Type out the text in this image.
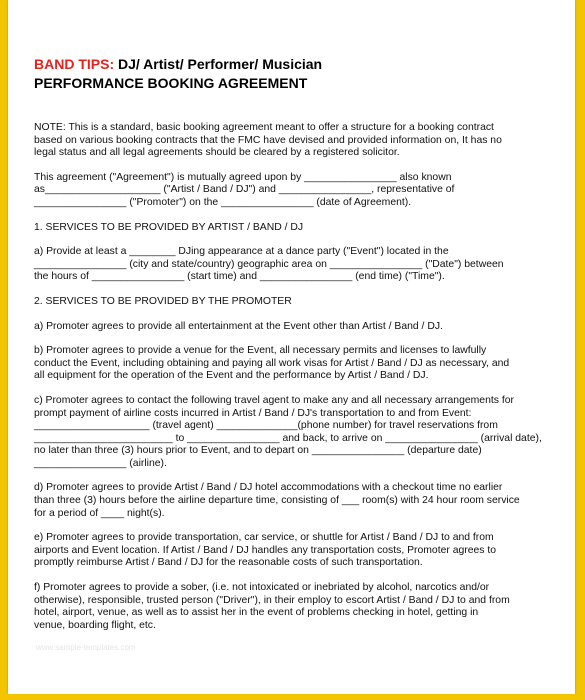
BAND TIPS: DJ/ Artist/ Performer/ Musician
PERFORMANCE BOOKING AGREEMENT
NOTE: This is a standard, basic booking agreement meant to offer a structure for a booking contract
based on various booking contracts that the FMC have devised and provided information on, It has no
legal status and all legal agreements should be cleared by a registered solicitor.
This agreement ("Agreement") is mutually agreed upon by ________________ also known
as____________________ ("Artist / Band / DJ") and ________________, representative of
________________ ("Promoter") on the ________________ (date of Agreement).
1. SERVICES TO BE PROVIDED BY ARTIST / BAND / DJ
a) Provide at least a ________ DJing appearance at a dance party ("Event") located in the
________________ (city and state/country) geographic area on ________________ ("Date") between
the hours of ________________ (start time) and ________________ (end time) ("Time").
2. SERVICES TO BE PROVIDED BY THE PROMOTER
a) Promoter agrees to provide all entertainment at the Event other than Artist / Band / DJ.
b) Promoter agrees to provide a venue for the Event, all necessary permits and licenses to lawfully
conduct the Event, including obtaining and paying all work visas for Artist / Band / DJ as necessary, and
all equipment for the operation of the Event and the performance by Artist / Band / DJ.
c) Promoter agrees to contact the following travel agent to make any and all necessary arrangements for
prompt payment of airline costs incurred in Artist / Band / DJ's transportation to and from Event:
____________________ (travel agent) ______________(phone number) for travel reservations from
________________________ to ________________ and back, to arrive on ________________ (arrival date),
no later than three (3) hours prior to Event, and to depart on ________________ (departure date)
________________ (airline).
d) Promoter agrees to provide Artist / Band / DJ hotel accommodations with a checkout time no earlier
than three (3) hours before the airline departure time, consisting of ___ room(s) with 24 hour room service
for a period of ____ night(s).
e) Promoter agrees to provide transportation, car service, or shuttle for Artist / Band / DJ to and from
airports and Event location. If Artist / Band / DJ handles any transportation costs, Promoter agrees to
promptly reimburse Artist / Band / DJ for the reasonable costs of such transportation.
f) Promoter agrees to provide a sober, (i.e. not intoxicated or inebriated by alcohol, narcotics and/or
otherwise), responsible, trusted person ("Driver"), in their employ to escort Artist / Band / DJ to and from
hotel, airport, venue, as well as to assist her in the event of problems checking in hotel, getting in
venue, boarding flight, etc.
www.sample-templates.com
